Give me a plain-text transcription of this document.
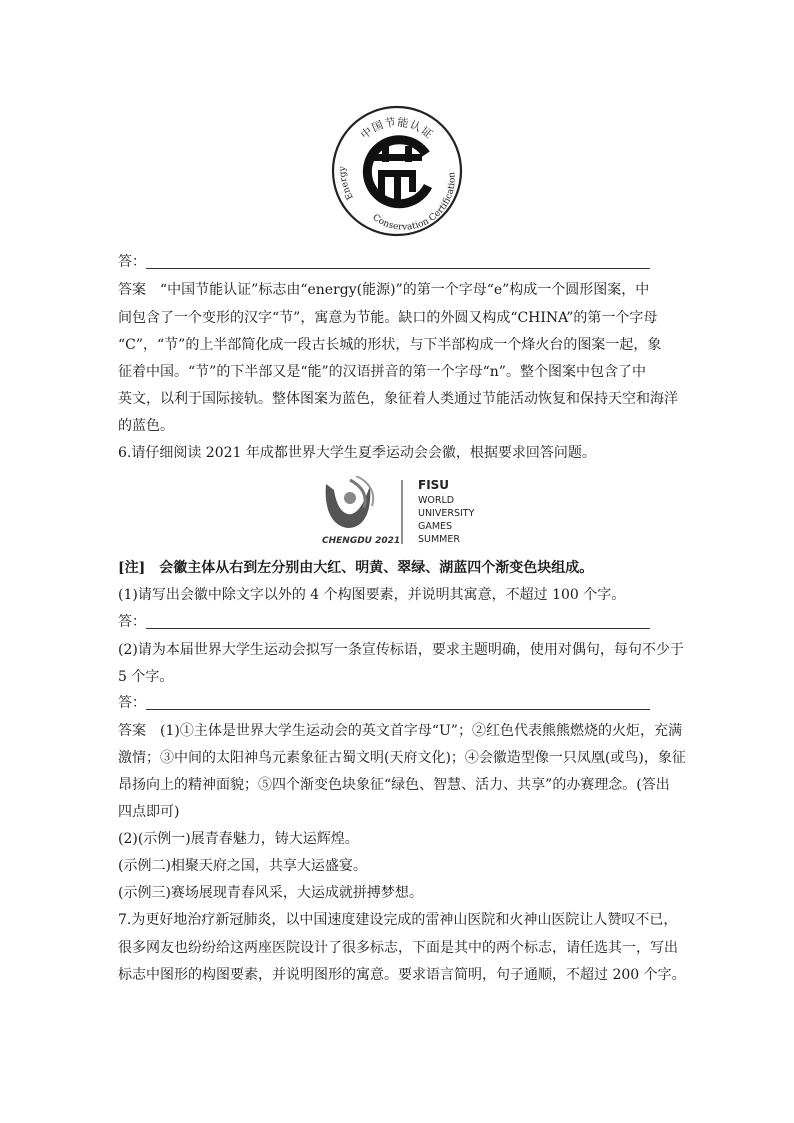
中国节能认证
Energy
Conservation Certification
答：
答案　“中国节能认证”标志由“energy(能源)”的第一个字母“e”构成一个圆形图案，中
间包含了一个变形的汉字“节”，寓意为节能。缺口的外圆又构成“CHINA”的第一个字母
“C”，“节”的上半部简化成一段古长城的形状，与下半部构成一个烽火台的图案一起，象
征着中国。“节”的下半部又是“能”的汉语拼音的第一个字母“n”。整个图案中包含了中
英文，以利于国际接轨。整体图案为蓝色，象征着人类通过节能活动恢复和保持天空和海洋
的蓝色。
6.请仔细阅读 2021 年成都世界大学生夏季运动会会徽，根据要求回答问题。
CHENGDU 2021
FISU
WORLD
UNIVERSITY
GAMES
SUMMER
[注]　会徽主体从右到左分别由大红、明黄、翠绿、湖蓝四个渐变色块组成。
(1)请写出会徽中除文字以外的 4 个构图要素，并说明其寓意，不超过 100 个字。
答：
(2)请为本届世界大学生运动会拟写一条宣传标语，要求主题明确，使用对偶句，每句不少于
5 个字。
答：
答案　(1)①主体是世界大学生运动会的英文首字母“U”；②红色代表熊熊燃烧的火炬，充满
激情；③中间的太阳神鸟元素象征古蜀文明(天府文化)；④会徽造型像一只凤凰(或鸟)，象征
昂扬向上的精神面貌；⑤四个渐变色块象征“绿色、智慧、活力、共享”的办赛理念。(答出
四点即可)
(2)(示例一)展青春魅力，铸大运辉煌。
(示例二)相聚天府之国，共享大运盛宴。
(示例三)赛场展现青春风采，大运成就拼搏梦想。
7.为更好地治疗新冠肺炎，以中国速度建设完成的雷神山医院和火神山医院让人赞叹不已，
很多网友也纷纷给这两座医院设计了很多标志，下面是其中的两个标志，请任选其一，写出
标志中图形的构图要素，并说明图形的寓意。要求语言简明，句子通顺，不超过 200 个字。
